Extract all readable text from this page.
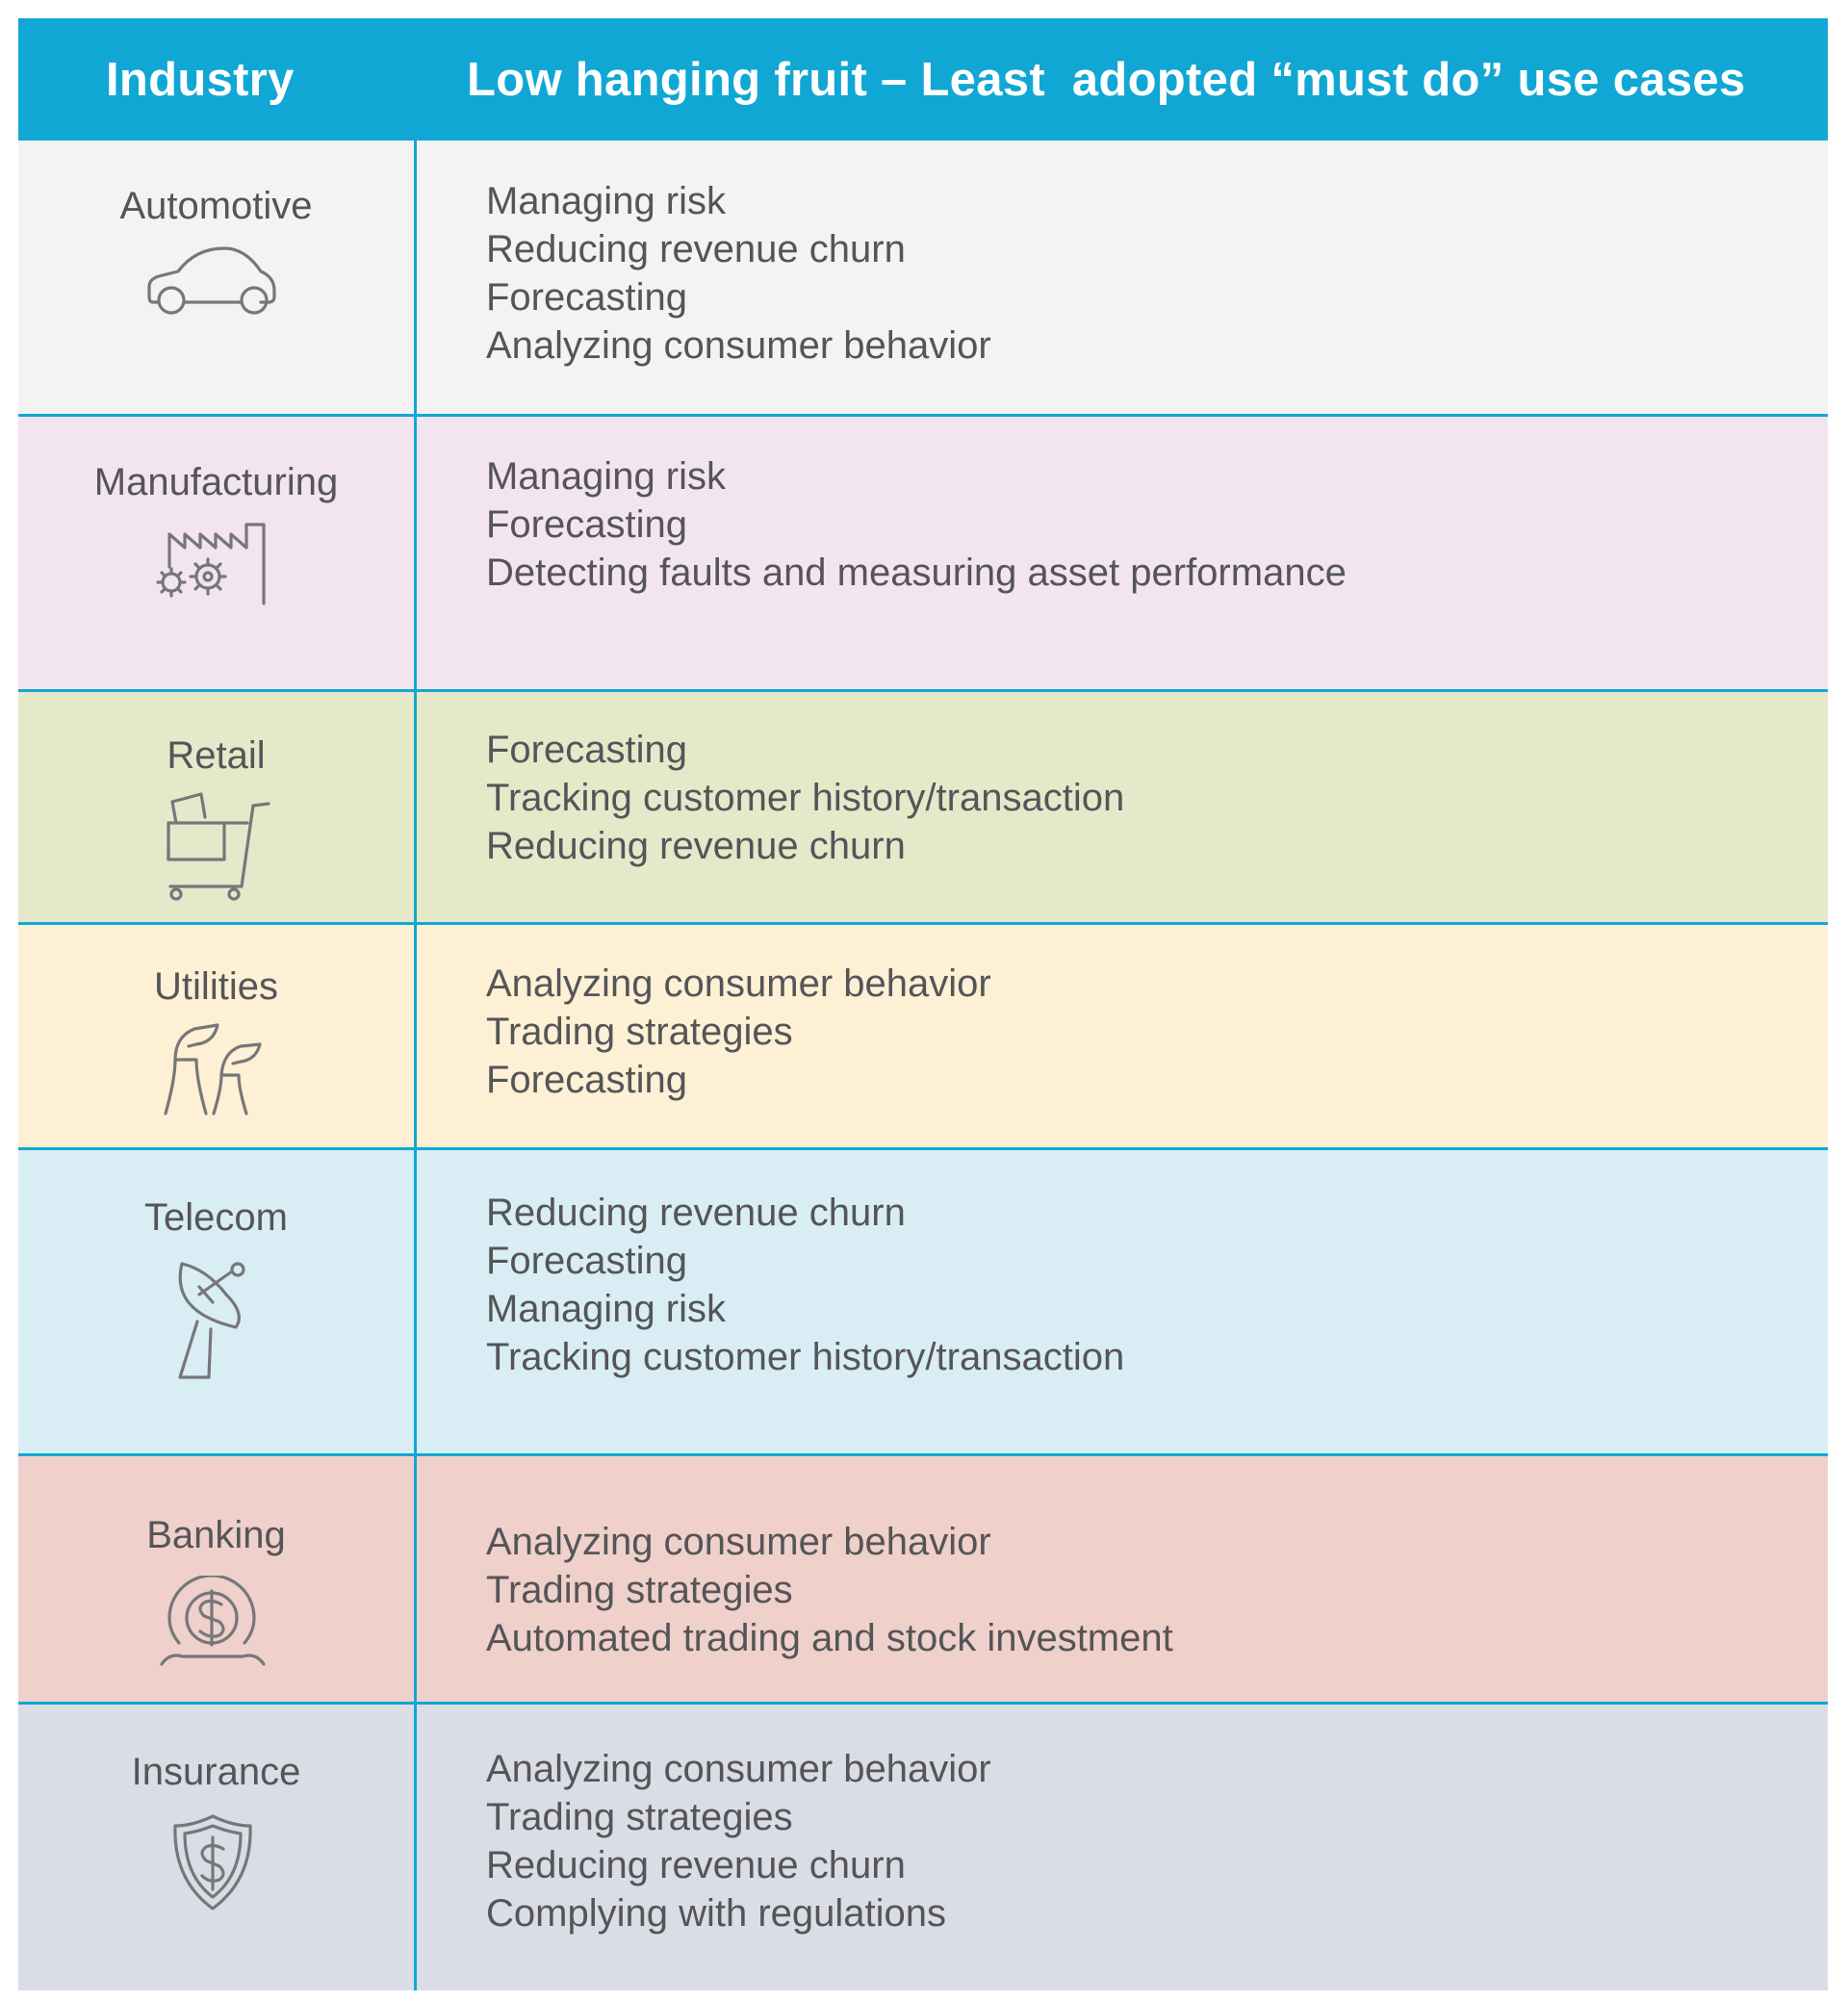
Industry	Low hanging fruit – Least  adopted “must do” use cases
Automotive	Managing risk
Reducing revenue churn
Forecasting
Analyzing consumer behavior
Manufacturing	Managing risk
Forecasting
Detecting faults and measuring asset performance
Retail	Forecasting
Tracking customer history/transaction
Reducing revenue churn
Utilities	Analyzing consumer behavior
Trading strategies
Forecasting
Telecom	Reducing revenue churn
Forecasting
Managing risk
Tracking customer history/transaction
Banking	Analyzing consumer behavior
Trading strategies
Automated trading and stock investment
Insurance	Analyzing consumer behavior
Trading strategies
Reducing revenue churn
Complying with regulations
